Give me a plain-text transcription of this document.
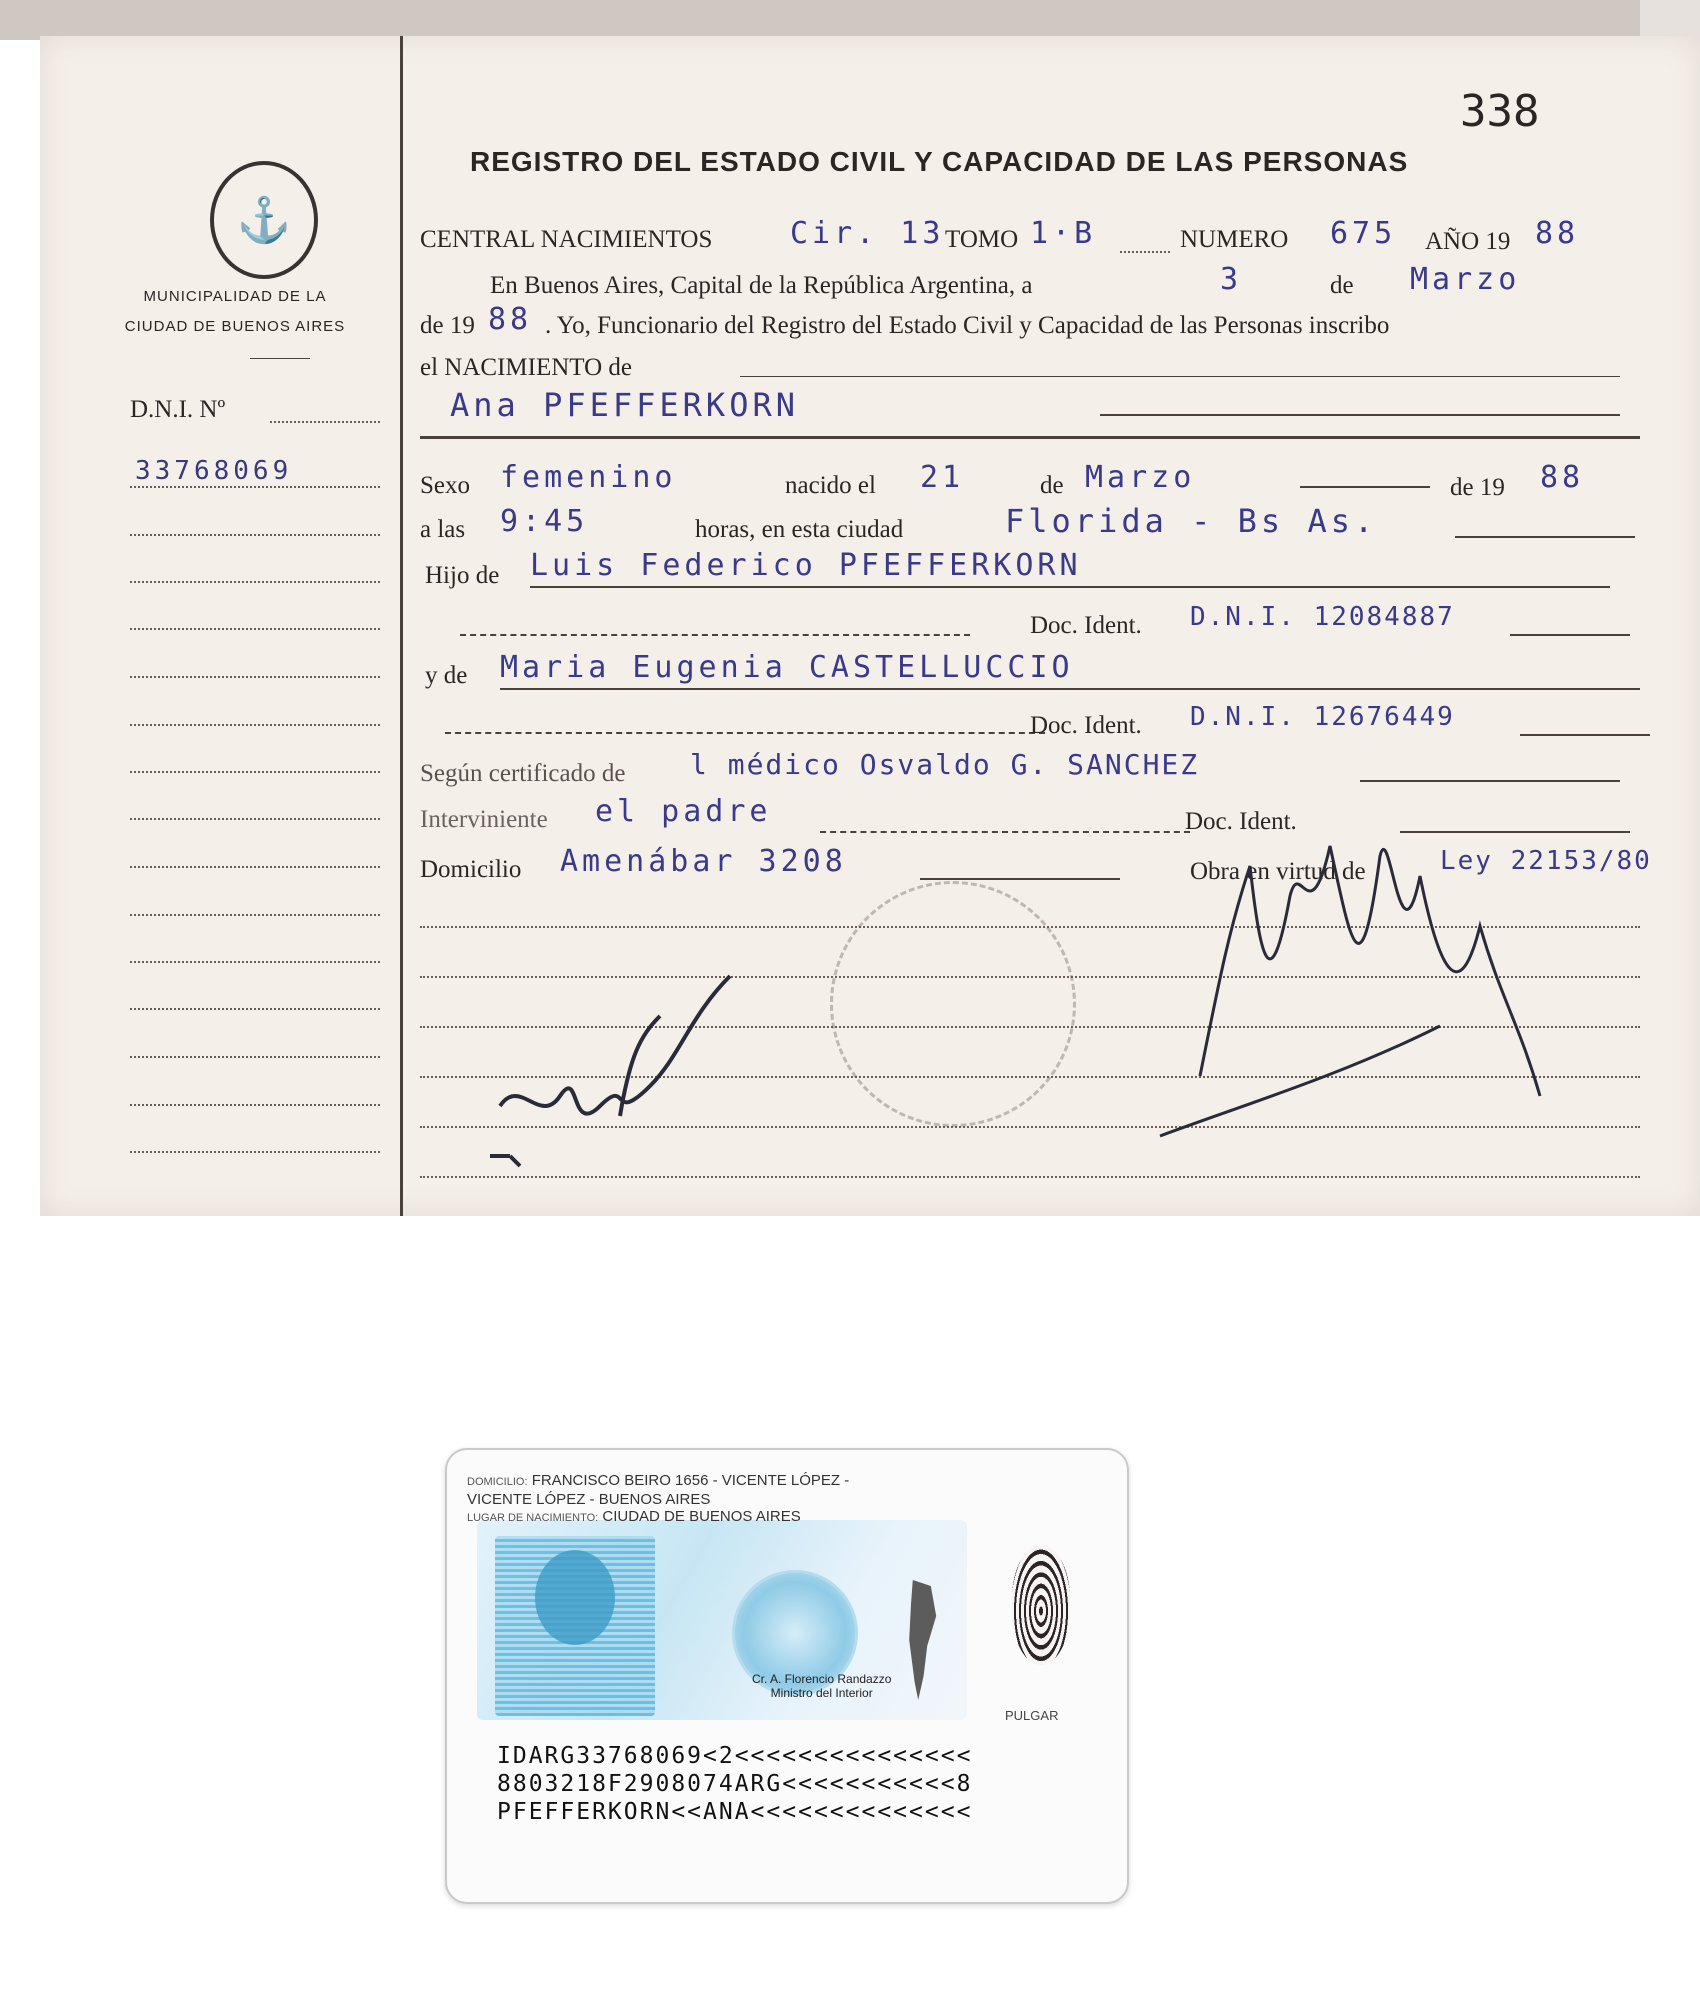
⚓
MUNICIPALIDAD DE LA
CIUDAD DE BUENOS AIRES
D.N.I. Nº
33768069
338
REGISTRO DEL ESTADO CIVIL Y CAPACIDAD DE LAS PERSONAS
CENTRAL NACIMIENTOS	Cir. 13 TOMO 1·B	NUMERO 675 AÑO 19 88
En Buenos Aires, Capital de la República Argentina, a	3	de Marzo
de 19 88 . Yo, Funcionario del Registro del Estado Civil y Capacidad de las Personas inscribo
el NACIMIENTO de
Ana PFEFFERKORN
Sexo femenino	nacido el 21	de Marzo	de 19 88
a las 9:45	horas, en esta ciudad	Florida - Bs As.
Hijo de Luis Federico PFEFFERKORN
Doc. Ident. D.N.I. 12084887
y de Maria Eugenia CASTELLUCCIO
Doc. Ident. D.N.I. 12676449
Según certificado de l médico Osvaldo G. SANCHEZ
Interviniente el padre	Doc. Ident.
Domicilio Amenábar 3208	Obra en virtud de	Ley 22153/80
DOMICILIO: FRANCISCO BEIRO 1656 - VICENTE LÓPEZ -
VICENTE LÓPEZ - BUENOS AIRES
LUGAR DE NACIMIENTO: CIUDAD DE BUENOS AIRES
Cr. A. Florencio Randazzo
Ministro del Interior
PULGAR
IDARG33768069<2<<<<<<<<<<<<<<<
8803218F2908074ARG<<<<<<<<<<<8
PFEFFERKORN<<ANA<<<<<<<<<<<<<<
